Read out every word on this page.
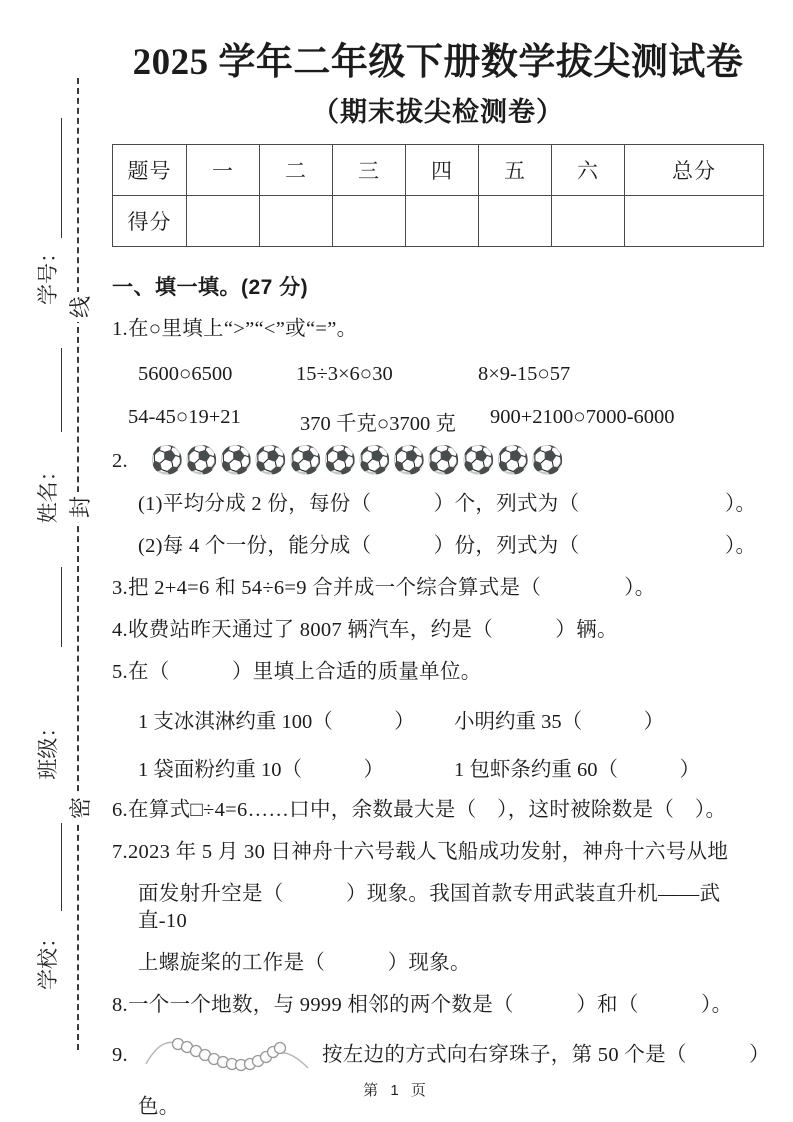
线
封
密
学校：
班级：
姓名：
学号：
2025 学年二年级下册数学拔尖测试卷
（期末拔尖检测卷）
题号	一	二	三	四	五	六	总分
得分							

一、填一填。(27 分)

1.在○里填上“>”“<”或“=”。

5600○6500	15÷3×6○30	8×9-15○57
54-45○19+21	370 千克○3700 克	900+2100○7000-6000
2. ⚽⚽⚽⚽⚽⚽⚽⚽⚽⚽⚽⚽

(1)平均分成 2 份，每份（　　　）个，列式为（　　　　　　　）。

(2)每 4 个一份，能分成（　　　）份，列式为（　　　　　　　）。

3.把 2+4=6 和 54÷6=9 合并成一个综合算式是（　　　　）。

4.收费站昨天通过了 8007 辆汽车，约是（　　　）辆。

5.在（　　　）里填上合适的质量单位。

1 支冰淇淋约重 100（　　　）	小明约重 35（　　　）
1 袋面粉约重 10（　　　）	1 包虾条约重 60（　　　）

6.在算式□÷4=6……口中，余数最大是（　），这时被除数是（　）。

7.2023 年 5 月 30 日神舟十六号载人飞船成功发射，神舟十六号从地

面发射升空是（　　　）现象。我国首款专用武装直升机——武直-10

上螺旋桨的工作是（　　　）现象。

8.一个一个地数，与 9999 相邻的两个数是（　　　）和（　　　）。

9.	按左边的方式向右穿珠子，第 50 个是（　　　）

色。

第 1 页
